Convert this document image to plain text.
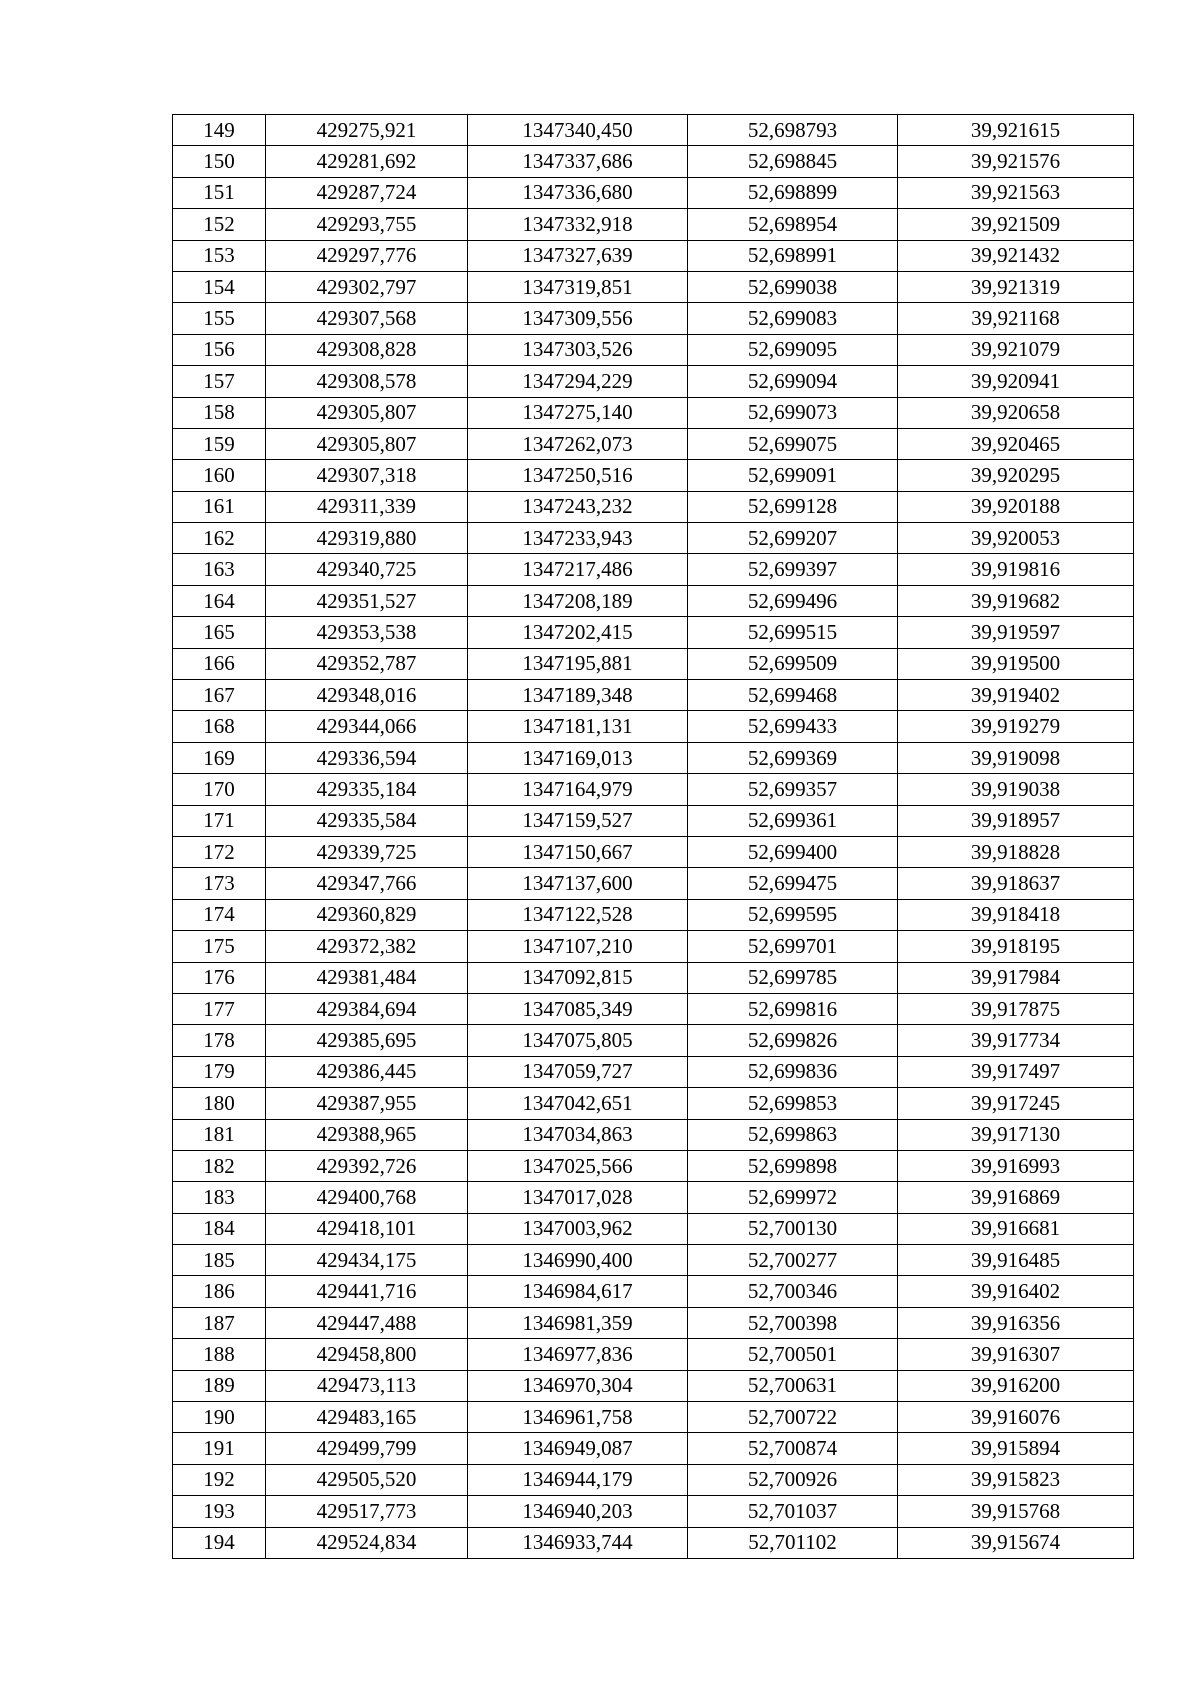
149	429275,921	1347340,450	52,698793	39,921615
150	429281,692	1347337,686	52,698845	39,921576
151	429287,724	1347336,680	52,698899	39,921563
152	429293,755	1347332,918	52,698954	39,921509
153	429297,776	1347327,639	52,698991	39,921432
154	429302,797	1347319,851	52,699038	39,921319
155	429307,568	1347309,556	52,699083	39,921168
156	429308,828	1347303,526	52,699095	39,921079
157	429308,578	1347294,229	52,699094	39,920941
158	429305,807	1347275,140	52,699073	39,920658
159	429305,807	1347262,073	52,699075	39,920465
160	429307,318	1347250,516	52,699091	39,920295
161	429311,339	1347243,232	52,699128	39,920188
162	429319,880	1347233,943	52,699207	39,920053
163	429340,725	1347217,486	52,699397	39,919816
164	429351,527	1347208,189	52,699496	39,919682
165	429353,538	1347202,415	52,699515	39,919597
166	429352,787	1347195,881	52,699509	39,919500
167	429348,016	1347189,348	52,699468	39,919402
168	429344,066	1347181,131	52,699433	39,919279
169	429336,594	1347169,013	52,699369	39,919098
170	429335,184	1347164,979	52,699357	39,919038
171	429335,584	1347159,527	52,699361	39,918957
172	429339,725	1347150,667	52,699400	39,918828
173	429347,766	1347137,600	52,699475	39,918637
174	429360,829	1347122,528	52,699595	39,918418
175	429372,382	1347107,210	52,699701	39,918195
176	429381,484	1347092,815	52,699785	39,917984
177	429384,694	1347085,349	52,699816	39,917875
178	429385,695	1347075,805	52,699826	39,917734
179	429386,445	1347059,727	52,699836	39,917497
180	429387,955	1347042,651	52,699853	39,917245
181	429388,965	1347034,863	52,699863	39,917130
182	429392,726	1347025,566	52,699898	39,916993
183	429400,768	1347017,028	52,699972	39,916869
184	429418,101	1347003,962	52,700130	39,916681
185	429434,175	1346990,400	52,700277	39,916485
186	429441,716	1346984,617	52,700346	39,916402
187	429447,488	1346981,359	52,700398	39,916356
188	429458,800	1346977,836	52,700501	39,916307
189	429473,113	1346970,304	52,700631	39,916200
190	429483,165	1346961,758	52,700722	39,916076
191	429499,799	1346949,087	52,700874	39,915894
192	429505,520	1346944,179	52,700926	39,915823
193	429517,773	1346940,203	52,701037	39,915768
194	429524,834	1346933,744	52,701102	39,915674
